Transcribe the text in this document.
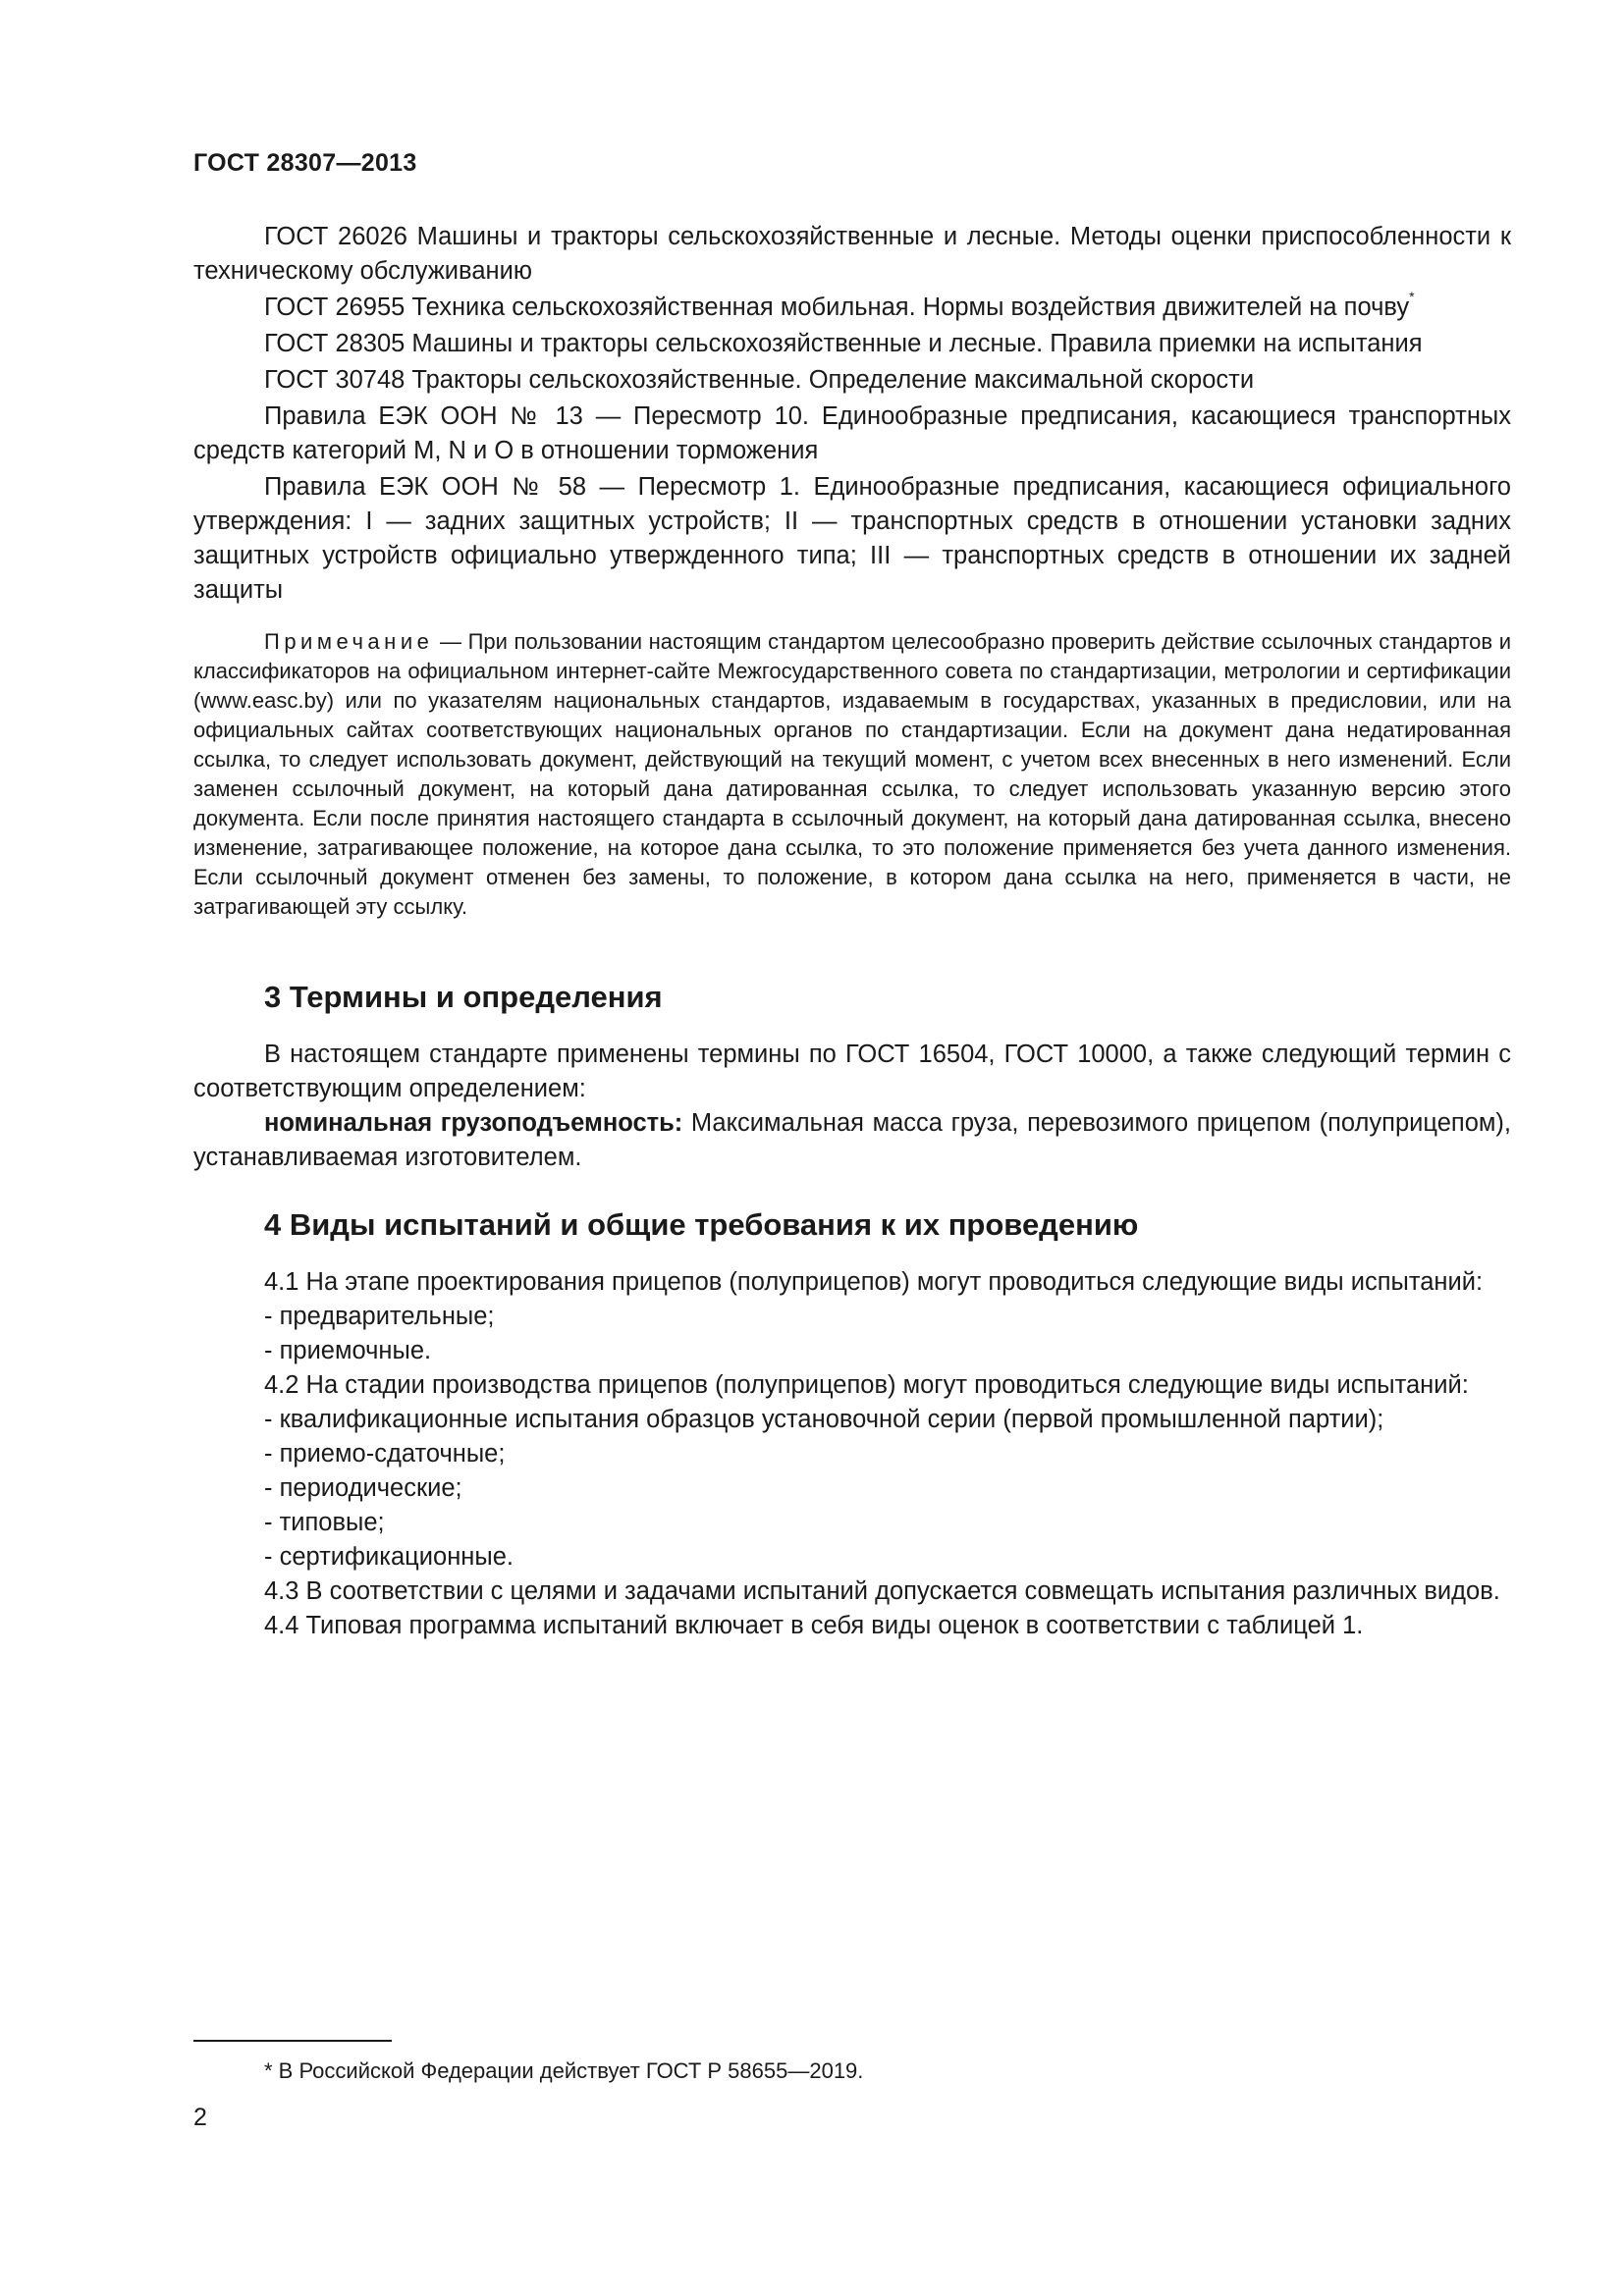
ГОСТ 28307—2013

ГОСТ 26026 Машины и тракторы сельскохозяйственные и лесные. Методы оценки приспособленности к техническому обслуживанию

ГОСТ 26955 Техника сельскохозяйственная мобильная. Нормы воздействия движителей на почву*

ГОСТ 28305 Машины и тракторы сельскохозяйственные и лесные. Правила приемки на испытания

ГОСТ 30748 Тракторы сельскохозяйственные. Определение максимальной скорости

Правила ЕЭК ООН № 13 — Пересмотр 10. Единообразные предписания, касающиеся транспортных средств категорий M, N и O в отношении торможения

Правила ЕЭК ООН № 58 — Пересмотр 1. Единообразные предписания, касающиеся официального утверждения: I — задних защитных устройств; II — транспортных средств в отношении установки задних защитных устройств официально утвержденного типа; III — транспортных средств в отношении их задней защиты

Примечание — При пользовании настоящим стандартом целесообразно проверить действие ссылочных стандартов и классификаторов на официальном интернет-сайте Межгосударственного совета по стандартизации, метрологии и сертификации (www.easc.by) или по указателям национальных стандартов, издаваемым в государствах, указанных в предисловии, или на официальных сайтах соответствующих национальных органов по стандартизации. Если на документ дана недатированная ссылка, то следует использовать документ, действующий на текущий момент, с учетом всех внесенных в него изменений. Если заменен ссылочный документ, на который дана датированная ссылка, то следует использовать указанную версию этого документа. Если после принятия настоящего стандарта в ссылочный документ, на который дана датированная ссылка, внесено изменение, затрагивающее положение, на которое дана ссылка, то это положение применяется без учета данного изменения. Если ссылочный документ отменен без замены, то положение, в котором дана ссылка на него, применяется в части, не затрагивающей эту ссылку.

3 Термины и определения

В настоящем стандарте применены термины по ГОСТ 16504, ГОСТ 10000, а также следующий термин с соответствующим определением:

номинальная грузоподъемность: Максимальная масса груза, перевозимого прицепом (полуприцепом), устанавливаемая изготовителем.

4 Виды испытаний и общие требования к их проведению

4.1 На этапе проектирования прицепов (полуприцепов) могут проводиться следующие виды испытаний:

- предварительные;
- приемочные.

4.2 На стадии производства прицепов (полуприцепов) могут проводиться следующие виды испытаний:

- квалификационные испытания образцов установочной серии (первой промышленной партии);
- приемо-сдаточные;
- периодические;
- типовые;
- сертификационные.

4.3 В соответствии с целями и задачами испытаний допускается совмещать испытания различных видов.

4.4 Типовая программа испытаний включает в себя виды оценок в соответствии с таблицей 1.

* В Российской Федерации действует ГОСТ Р 58655—2019.
2
